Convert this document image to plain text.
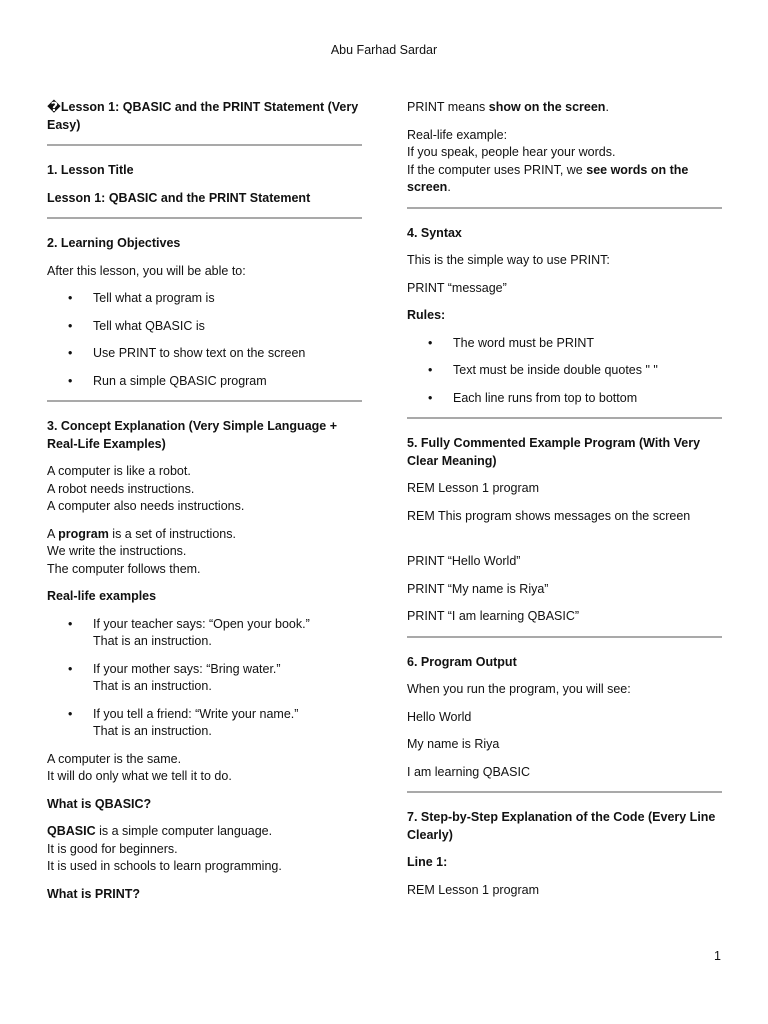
Abu Farhad Sardar

�Lesson 1: QBASIC and the PRINT Statement (Very Easy)

1. Lesson Title

Lesson 1: QBASIC and the PRINT Statement

2. Learning Objectives

After this lesson, you will be able to:

• Tell what a program is
• Tell what QBASIC is
• Use PRINT to show text on the screen
• Run a simple QBASIC program

3. Concept Explanation (Very Simple Language + Real-Life Examples)

A computer is like a robot.
A robot needs instructions.
A computer also needs instructions.

A program is a set of instructions.
We write the instructions.
The computer follows them.

Real-life examples

• If your teacher says: “Open your book.”
That is an instruction.
• If your mother says: “Bring water.”
That is an instruction.
• If you tell a friend: “Write your name.”
That is an instruction.

A computer is the same.
It will do only what we tell it to do.

What is QBASIC?

QBASIC is a simple computer language.
It is good for beginners.
It is used in schools to learn programming.

What is PRINT?

PRINT means show on the screen.

Real-life example:
If you speak, people hear your words.
If the computer uses PRINT, we see words on the screen.

4. Syntax

This is the simple way to use PRINT:

PRINT “message”

Rules:

• The word must be PRINT
• Text must be inside double quotes " "
• Each line runs from top to bottom

5. Fully Commented Example Program (With Very Clear Meaning)

REM Lesson 1 program

REM This program shows messages on the screen

PRINT “Hello World”

PRINT “My name is Riya”

PRINT “I am learning QBASIC”

6. Program Output

When you run the program, you will see:

Hello World

My name is Riya

I am learning QBASIC

7. Step-by-Step Explanation of the Code (Every Line Clearly)

Line 1:

REM Lesson 1 program

1
